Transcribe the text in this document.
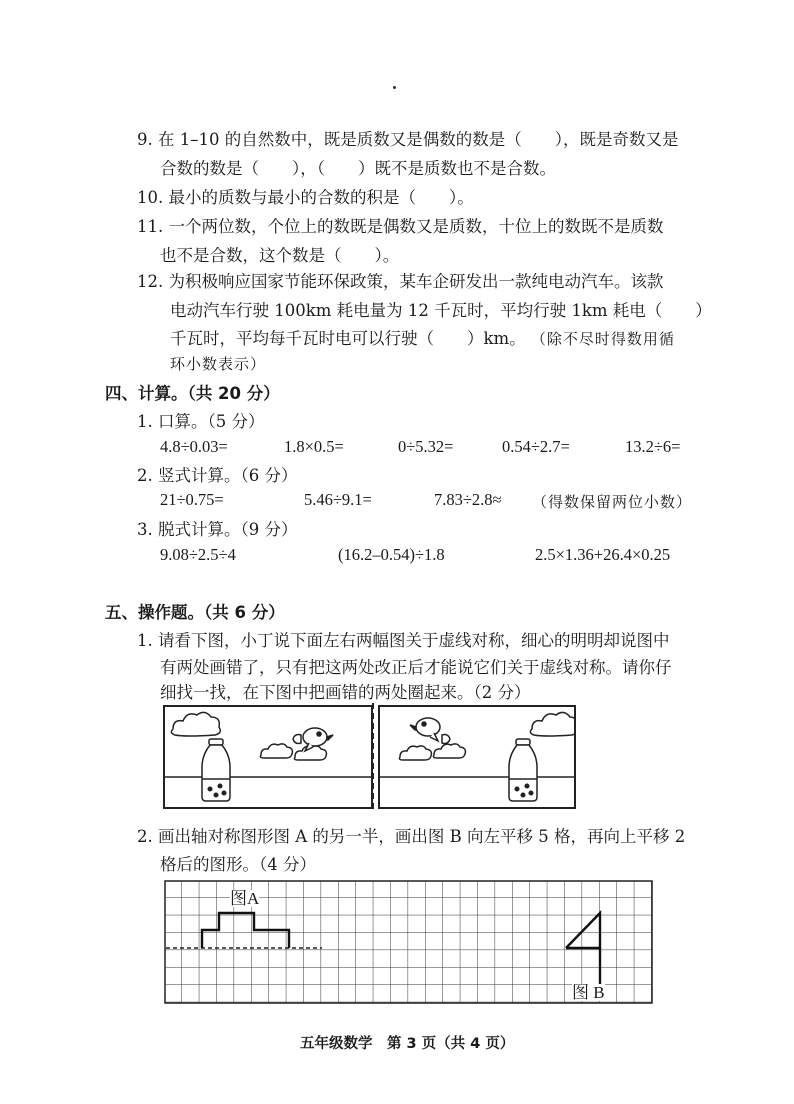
9. 在 1–10 的自然数中，既是质数又是偶数的数是（　　），既是奇数又是
合数的数是（　　），（　　）既不是质数也不是合数。
10. 最小的质数与最小的合数的积是（　　）。
11. 一个两位数，个位上的数既是偶数又是质数，十位上的数既不是质数
也不是合数，这个数是（　　）。
12. 为积极响应国家节能环保政策，某车企研发出一款纯电动汽车。该款
电动汽车行驶 100km 耗电量为 12 千瓦时，平均行驶 1km 耗电（　　）
千瓦时，平均每千瓦时电可以行驶（　　）km。 （除不尽时得数用循
环小数表示）
四、计算。（共 20 分）
1. 口算。（5 分）
4.8÷0.03=	1.8×0.5=	0÷5.32=	0.54÷2.7=	13.2÷6=
2. 竖式计算。（6 分）
21÷0.75=	5.46÷9.1=	7.83÷2.8≈ （得数保留两位小数）
3. 脱式计算。（9 分）
9.08÷2.5÷4	(16.2–0.54)÷1.8	2.5×1.36+26.4×0.25
五、操作题。（共 6 分）
1. 请看下图，小丁说下面左右两幅图关于虚线对称，细心的明明却说图中
有两处画错了，只有把这两处改正后才能说它们关于虚线对称。请你仔
细找一找，在下图中把画错的两处圈起来。（2 分）
2. 画出轴对称图形图 A 的另一半，画出图 B 向左平移 5 格，再向上平移 2
格后的图形。（4 分）
图A
图 B
五年级数学　第 3 页（共 4 页）
